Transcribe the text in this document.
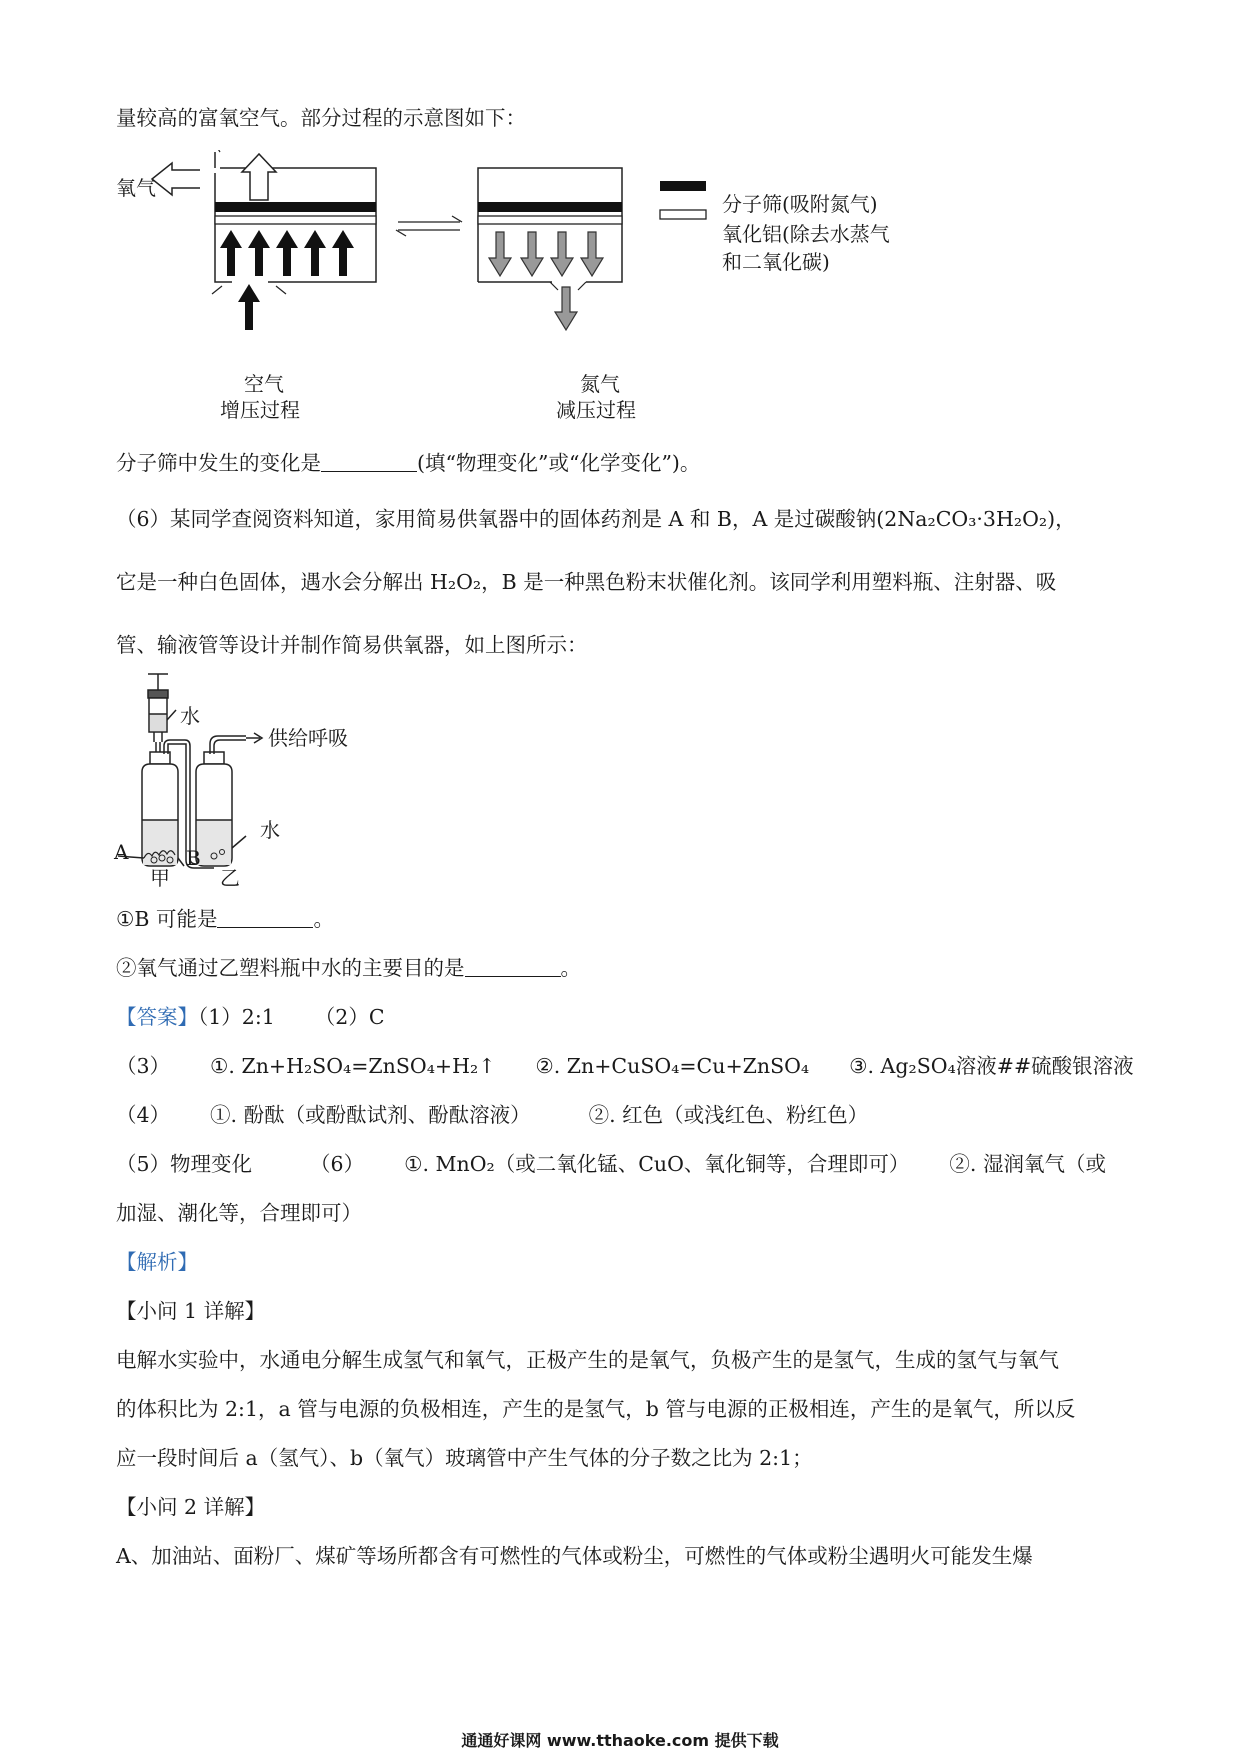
量较高的富氧空气。部分过程的示意图如下：
氧气
空气
增压过程
氮气
减压过程
分子筛(吸附氮气)
氧化铝(除去水蒸气
和二氧化碳)
分子筛中发生的变化是	(填“物理变化”或“化学变化”)。
（6）某同学查阅资料知道，家用简易供氧器中的固体药剂是 A 和 B，A 是过碳酸钠(2Na₂CO₃·3H₂O₂)，
它是一种白色固体，遇水会分解出 H₂O₂，B 是一种黑色粉末状催化剂。该同学利用塑料瓶、注射器、吸
管、输液管等设计并制作简易供氧器，如上图所示：
水
供给呼吸
水
A	B
甲	乙
①B 可能是	。
②氧气通过乙塑料瓶中水的主要目的是	。
【答案】（1）2:1 （2）C
（3） ①. Zn+H₂SO₄=ZnSO₄+H₂↑ ②. Zn+CuSO₄=Cu+ZnSO₄ ③. Ag₂SO₄溶液##硫酸银溶液
（4） ①. 酚酞（或酚酞试剂、酚酞溶液）	②. 红色（或浅红色、粉红色）
（5）物理变化	（6） ①. MnO₂（或二氧化锰、CuO、氧化铜等，合理即可） ②. 湿润氧气（或
加湿、潮化等，合理即可）
【解析】
【小问 1 详解】
电解水实验中，水通电分解生成氢气和氧气，正极产生的是氧气，负极产生的是氢气，生成的氢气与氧气
的体积比为 2:1，a 管与电源的负极相连，产生的是氢气，b 管与电源的正极相连，产生的是氧气，所以反
应一段时间后 a（氢气）、b（氧气）玻璃管中产生气体的分子数之比为 2:1；
【小问 2 详解】
A、加油站、面粉厂、煤矿等场所都含有可燃性的气体或粉尘，可燃性的气体或粉尘遇明火可能发生爆
通通好课网 www.tthaoke.com 提供下载
